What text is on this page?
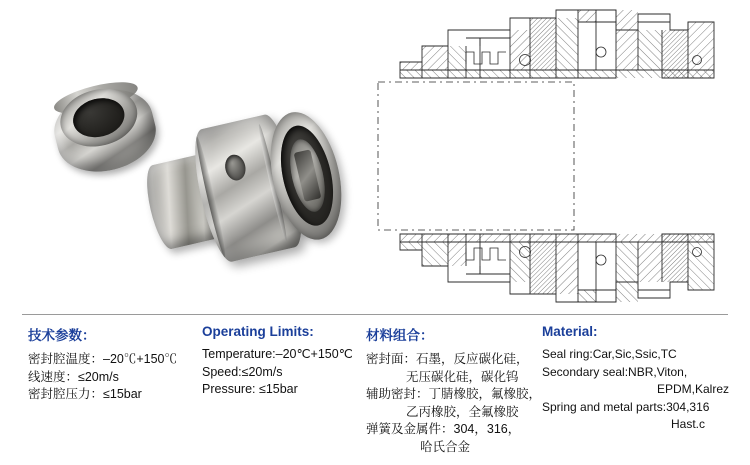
技术参数：
密封腔温度：–20℃+150℃
线速度：≤20m/s
密封腔压力：≤15bar
Operating Limits:
Temperature:–20℃+150℃
Speed:≤20m/s
Pressure: ≤15bar
材料组合：
密封面： 石墨，反应碳化硅，
无压碳化硅，碳化钨
辅助密封： 丁腈橡胶，氟橡胶，
乙丙橡胶，全氟橡胶
弹簧及金属件： 304，316，
哈氏合金
Material:
Seal ring:Car,Sic,Ssic,TC
Secondary seal:NBR,Viton,
EPDM,Kalrez
Spring and metal parts:304,316
Hast.c
